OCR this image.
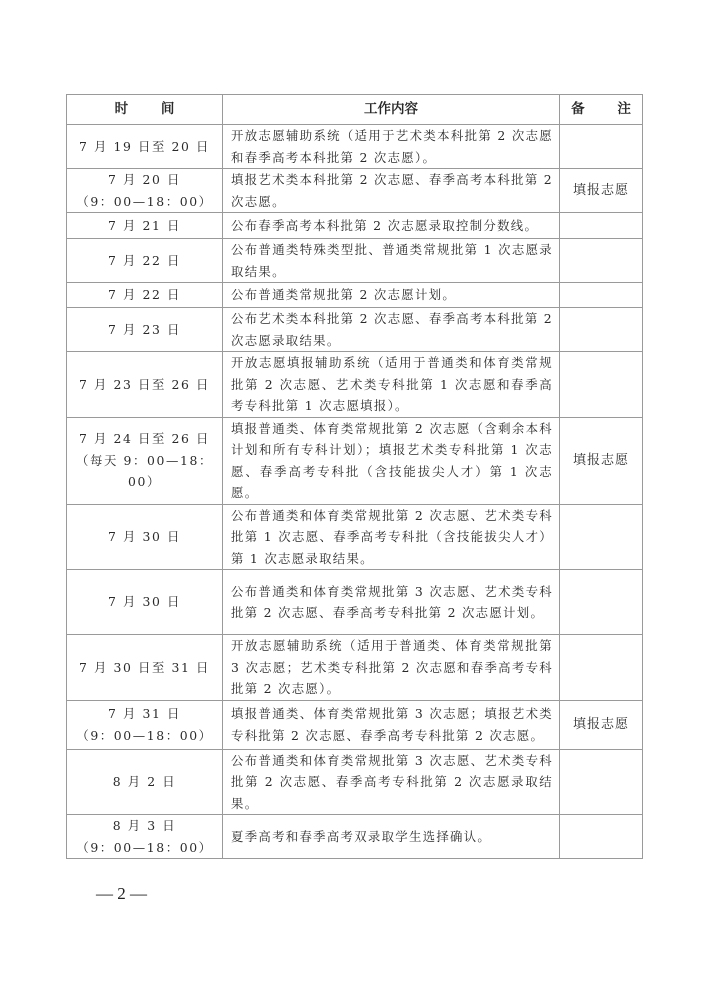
时 间	工作内容	备 注

7 月 19 日至 20 日	开放志愿辅助系统（适用于艺术类本科批第 2 次志愿和春季高考本科批第 2 次志愿）。	

7 月 20 日
（9：00—18：00）	填报艺术类本科批第 2 次志愿、春季高考本科批第 2 次志愿。	填报志愿

7 月 21 日	公布春季高考本科批第 2 次志愿录取控制分数线。	

7 月 22 日	公布普通类特殊类型批、普通类常规批第 1 次志愿录取结果。	

7 月 22 日	公布普通类常规批第 2 次志愿计划。	

7 月 23 日	公布艺术类本科批第 2 次志愿、春季高考本科批第 2 次志愿录取结果。	

7 月 23 日至 26 日	开放志愿填报辅助系统（适用于普通类和体育类常规批第 2 次志愿、艺术类专科批第 1 次志愿和春季高考专科批第 1 次志愿填报）。	

7 月 24 日至 26 日
（每天 9：00—18：00）	填报普通类、体育类常规批第 2 次志愿（含剩余本科计划和所有专科计划）；填报艺术类专科批第 1 次志愿、春季高考专科批（含技能拔尖人才）第 1 次志愿。	填报志愿

7 月 30 日	公布普通类和体育类常规批第 2 次志愿、艺术类专科批第 1 次志愿、春季高考专科批（含技能拔尖人才）第 1 次志愿录取结果。	

7 月 30 日	公布普通类和体育类常规批第 3 次志愿、艺术类专科批第 2 次志愿、春季高考专科批第 2 次志愿计划。	

7 月 30 日至 31 日	开放志愿辅助系统（适用于普通类、体育类常规批第 3 次志愿；艺术类专科批第 2 次志愿和春季高考专科批第 2 次志愿）。	

7 月 31 日
（9：00—18：00）	填报普通类、体育类常规批第 3 次志愿；填报艺术类专科批第 2 次志愿、春季高考专科批第 2 次志愿。	填报志愿

8 月 2 日	公布普通类和体育类常规批第 3 次志愿、艺术类专科批第 2 次志愿、春季高考专科批第 2 次志愿录取结果。	

8 月 3 日
（9：00—18：00）	夏季高考和春季高考双录取学生选择确认。	
— 2 —
